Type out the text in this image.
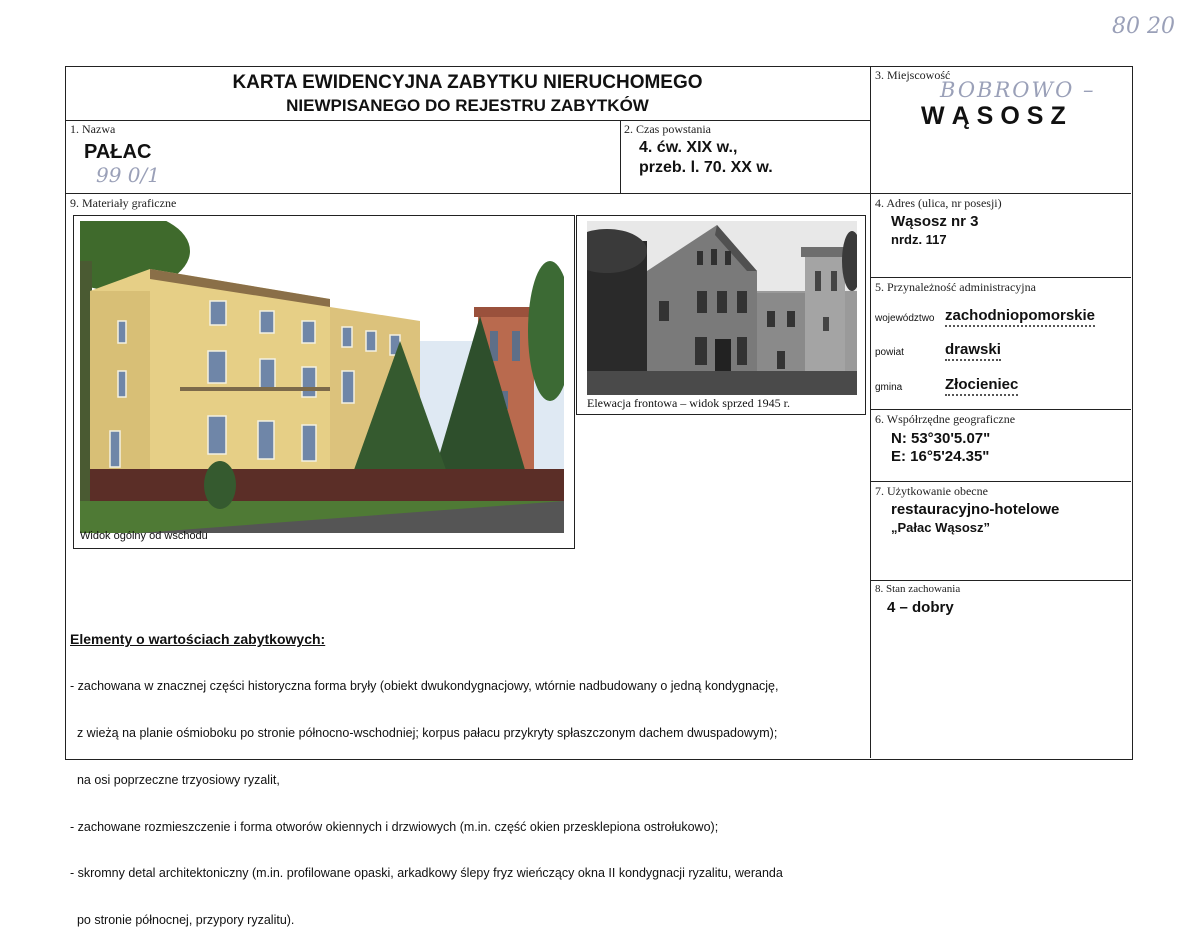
80 20
KARTA EWIDENCYJNA ZABYTKU NIERUCHOMEGO
NIEWPISANEGO DO REJESTRU ZABYTKÓW
1. Nazwa
PAŁAC
99 0/1
2. Czas powstania
4. ćw. XIX w.,
przeb. l. 70. XX w.
3. Miejscowość
BOBROWO –
WĄSOSZ
4. Adres (ulica, nr posesji)
Wąsosz nr 3
nrdz. 117
5. Przynależność administracyjna
województwo zachodniopomorskie
powiat	drawski
gmina	Złocieniec
6. Współrzędne geograficzne
N: 53°30'5.07"
E: 16°5'24.35"
7. Użytkowanie obecne
restauracyjno-hotelowe
„Pałac Wąsosz”
8. Stan zachowania
4 – dobry
9. Materiały graficzne
Widok ogólny od wschodu
Elewacja frontowa – widok sprzed 1945 r.
Elementy o wartościach zabytkowych:

- zachowana w znacznej części historyczna forma bryły (obiekt dwukondygnacjowy, wtórnie nadbudowany o jedną kondygnację,

z wieżą na planie ośmioboku po stronie północno-wschodniej; korpus pałacu przykryty spłaszczonym dachem dwuspadowym);

na osi poprzeczne trzyosiowy ryzalit,

- zachowane rozmieszczenie i forma otworów okiennych i drzwiowych (m.in. część okien przesklepiona ostrołukowo);

- skromny detal architektoniczny (m.in. profilowane opaski, arkadkowy ślepy fryz wieńczący okna II kondygnacji ryzalitu, weranda

po stronie północnej, przypory ryzalitu).
